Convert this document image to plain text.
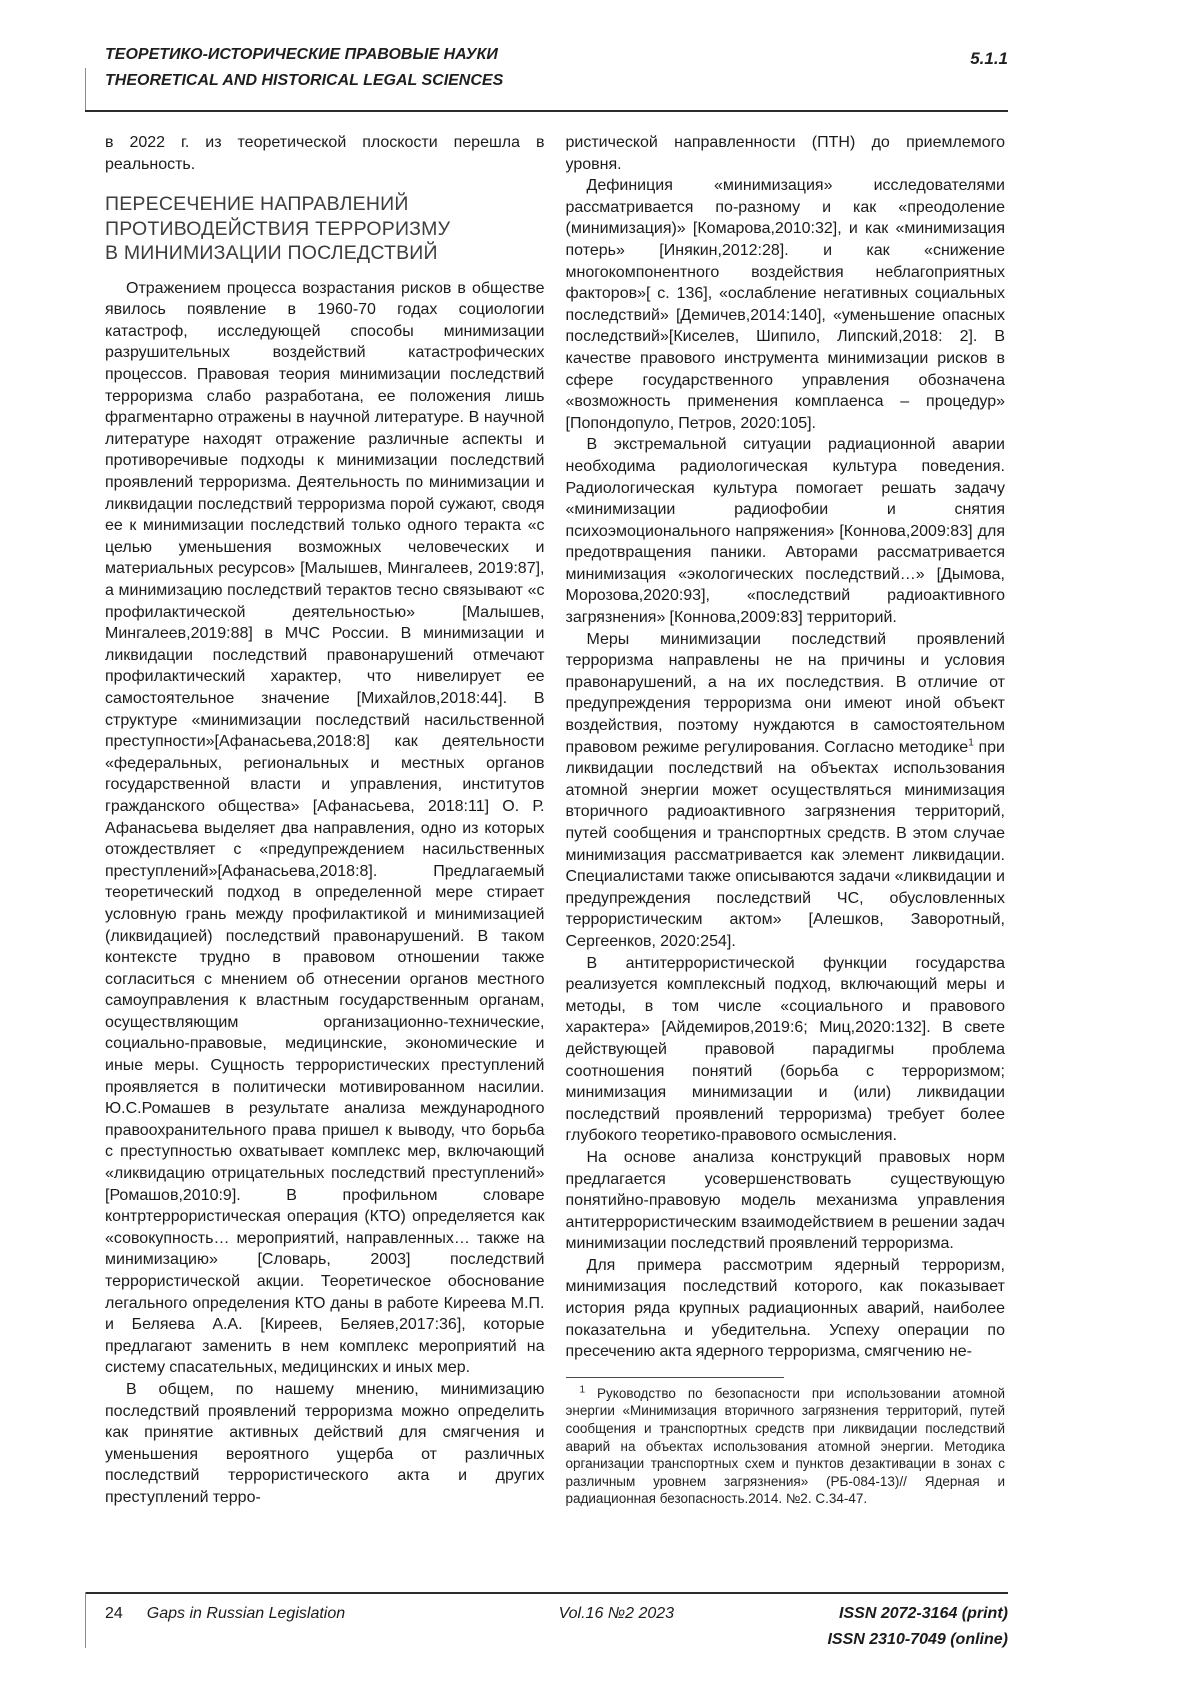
ТЕОРЕТИКО-ИСТОРИЧЕСКИЕ ПРАВОВЫЕ НАУКИ
THEORETICAL AND HISTORICAL LEGAL SCIENCES
5.1.1

в 2022 г. из теоретической плоскости перешла в реальность.

ПЕРЕСЕЧЕНИЕ НАПРАВЛЕНИЙ
ПРОТИВОДЕЙСТВИЯ ТЕРРОРИЗМУ
В МИНИМИЗАЦИИ ПОСЛЕДСТВИЙ

Отражением процесса возрастания рисков в обществе явилось появление в 1960-70 годах социологии катастроф, исследующей способы минимизации разрушительных воздействий катастрофических процессов. Правовая теория минимизации последствий терроризма слабо разработана, ее положения лишь фрагментарно отражены в научной литературе. В научной литературе находят отражение различные аспекты и противоречивые подходы к минимизации последствий проявлений терроризма. Деятельность по минимизации и ликвидации последствий терроризма порой сужают, сводя ее к минимизации последствий только одного теракта «с целью уменьшения возможных человеческих и материальных ресурсов» [Малышев, Мингалеев, 2019:87], а минимизацию последствий терактов тесно связывают «с профилактической деятельностью» [Малышев, Мингалеев,2019:88] в МЧС России. В минимизации и ликвидации последствий правонарушений отмечают профилактический характер, что нивелирует ее самостоятельное значение [Михайлов,2018:44]. В структуре «минимизации последствий насильственной преступности»[Афанасьева,2018:8] как деятельности «федеральных, региональных и местных органов государственной власти и управления, институтов гражданского общества» [Афанасьева, 2018:11] О. Р. Афанасьева выделяет два направления, одно из которых отождествляет с «предупреждением насильственных преступлений»[Афанасьева,2018:8]. Предлагаемый теоретический подход в определенной мере стирает условную грань между профилактикой и минимизацией (ликвидацией) последствий правонарушений. В таком контексте трудно в правовом отношении также согласиться с мнением об отнесении органов местного самоуправления к властным государственным органам, осуществляющим организационно-технические, социально-правовые, медицинские, экономические и иные меры. Сущность террористических преступлений проявляется в политически мотивированном насилии. Ю.С.Ромашев в результате анализа международного правоохранительного права пришел к выводу, что борьба с преступностью охватывает комплекс мер, включающий «ликвидацию отрицательных последствий преступлений» [Ромашов,2010:9]. В профильном словаре контртеррористическая операция (КТО) определяется как «совокупность… мероприятий, направленных… также на минимизацию» [Словарь, 2003] последствий террористической акции. Теоретическое обоснование легального определения КТО даны в работе Киреева М.П. и Беляева А.А. [Киреев, Беляев,2017:36], которые предлагают заменить в нем комплекс мероприятий на систему спасательных, медицинских и иных мер.

В общем, по нашему мнению, минимизацию последствий проявлений терроризма можно определить как принятие активных действий для смягчения и уменьшения вероятного ущерба от различных последствий террористического акта и других преступлений терро-

ристической направленности (ПТН) до приемлемого уровня.

Дефиниция «минимизация» исследователями рассматривается по-разному и как «преодоление (минимизация)» [Комарова,2010:32], и как «минимизация потерь» [Инякин,2012:28]. и как «снижение многокомпонентного воздействия неблагоприятных факторов»[ с. 136], «ослабление негативных социальных последствий» [Демичев,2014:140], «уменьшение опасных последствий»[Киселев, Шипило, Липский,2018: 2]. В качестве правового инструмента минимизации рисков в сфере государственного управления обозначена «возможность применения комплаенса – процедур» [Попондопуло, Петров, 2020:105].

В экстремальной ситуации радиационной аварии необходима радиологическая культура поведения. Радиологическая культура помогает решать задачу «минимизации радиофобии и снятия психоэмоционального напряжения» [Коннова,2009:83] для предотвращения паники. Авторами рассматривается минимизация «экологических последствий…» [Дымова, Морозова,2020:93], «последствий радиоактивного загрязнения» [Коннова,2009:83] территорий.

Меры минимизации последствий проявлений терроризма направлены не на причины и условия правонарушений, а на их последствия. В отличие от предупреждения терроризма они имеют иной объект воздействия, поэтому нуждаются в самостоятельном правовом режиме регулирования. Согласно методике$^1$ при ликвидации последствий на объектах использования атомной энергии может осуществляться минимизация вторичного радиоактивного загрязнения территорий, путей сообщения и транспортных средств. В этом случае минимизация рассматривается как элемент ликвидации. Специалистами также описываются задачи «ликвидации и предупреждения последствий ЧС, обусловленных террористическим актом» [Алешков, Заворотный, Сергеенков, 2020:254].

В антитеррористической функции государства реализуется комплексный подход, включающий меры и методы, в том числе «социального и правового характера» [Айдемиров,2019:6; Миц,2020:132]. В свете действующей правовой парадигмы проблема соотношения понятий (борьба с терроризмом; минимизация минимизации и (или) ликвидации последствий проявлений терроризма) требует более глубокого теоретико-правового осмысления.

На основе анализа конструкций правовых норм предлагается усовершенствовать существующую понятийно-правовую модель механизма управления антитеррористическим взаимодействием в решении задач минимизации последствий проявлений терроризма.

Для примера рассмотрим ядерный терроризм, минимизация последствий которого, как показывает история ряда крупных радиационных аварий, наиболее показательна и убедительна. Успеху операции по пресечению акта ядерного терроризма, смягчению не-

$^1$ Руководство по безопасности при использовании атомной энергии «Минимизация вторичного загрязнения территорий, путей сообщения и транспортных средств при ликвидации последствий аварий на объектах использования атомной энергии. Методика организации транспортных схем и пунктов дезактивации в зонах с различным уровнем загрязнения» (РБ-084-13)// Ядерная и радиационная безопасность.2014. №2. С.34-47.

24 Gaps in Russian Legislation	Vol.16 №2 2023	ISSN 2072-3164 (print)
ISSN 2310-7049 (online)
